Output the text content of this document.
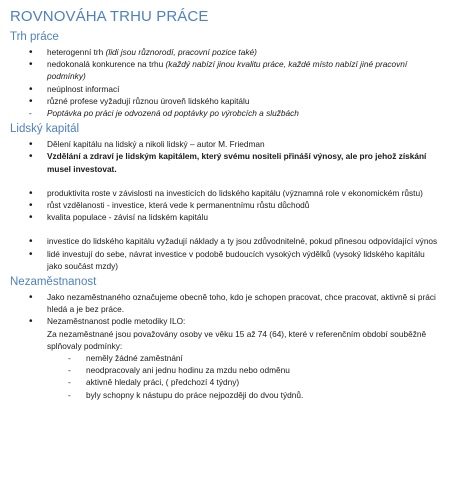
ROVNOVÁHA TRHU PRÁCE
Trh práce
•
heterogenní trh (lidi jsou různorodí, pracovní pozice také)
•
nedokonalá konkurence na trhu (každý nabízí jinou kvalitu práce, každé místo nabízí jiné pracovní podmínky)
•
neúplnost informací
•
různé profese vyžadují různou úroveň lidského kapitálu
-
Poptávka po práci je odvozená od poptávky po výrobcích a službách
Lidský kapitál
•
Dělení kapitálu na lidský a nikoli lidský – autor M. Friedman
•
Vzdělání a zdraví je lidským kapitálem, který svému nositeli přináší výnosy, ale pro jehož získání musel investovat.
•
produktivita roste v závislosti na investicích do lidského kapitálu (významná role v ekonomickém růstu)
•
růst vzdělanosti - investice, která vede k permanentnímu růstu důchodů
•
kvalita populace - závisí na lidském kapitálu
•
investice do lidského kapitálu vyžadují náklady a ty jsou zdůvodnitelné, pokud přinesou odpovídající výnos
•
lidé investují do sebe, návrat investice v podobě budoucích vysokých výdělků (vysoký lidského kapitálu jako součást mzdy)
Nezaměstnanost
•
Jako nezaměstnaného označujeme obecně toho, kdo je schopen pracovat, chce pracovat, aktivně si práci hledá a je bez práce.
•
Nezaměstnanost podle metodiky ILO:
Za nezaměstnané jsou považovány osoby ve věku 15 až 74 (64), které v referenčním období souběžně splňovaly podmínky:
-
neměly žádné zaměstnání
-
neodpracovaly ani jednu hodinu za mzdu nebo odměnu
-
aktivně hledaly práci, ( předchozí 4 týdny)
-
byly schopny k nástupu do práce nejpozději do dvou týdnů.
